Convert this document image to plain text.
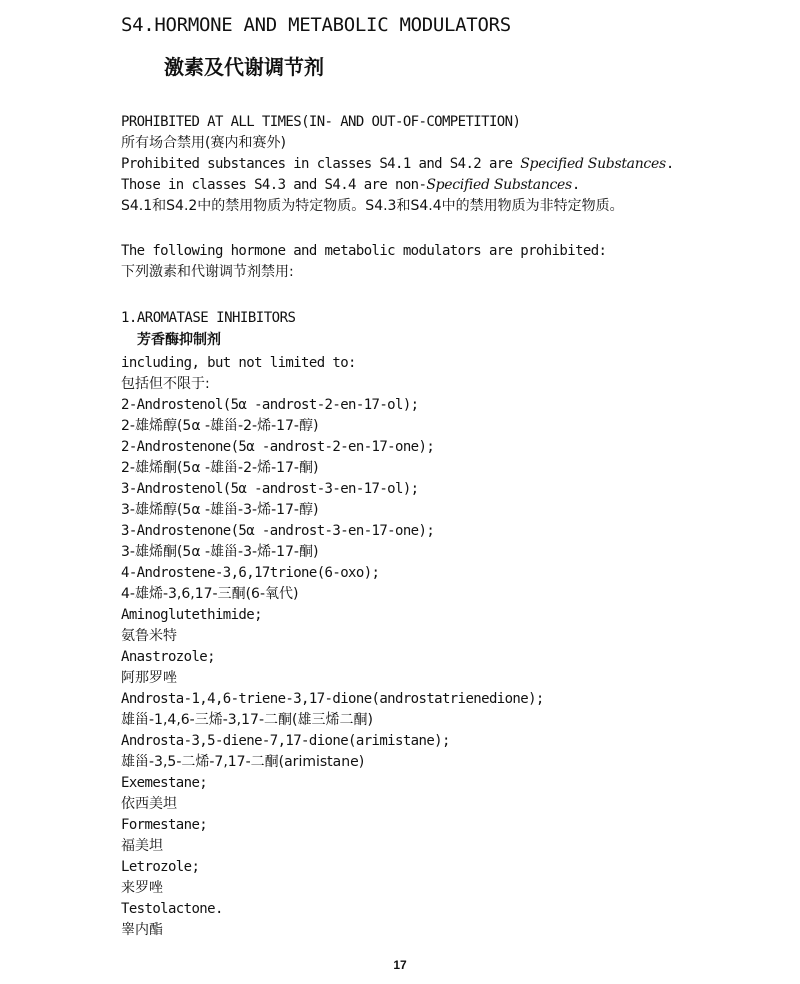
S4.HORMONE AND METABOLIC MODULATORS
激素及代谢调节剂
PROHIBITED AT ALL TIMES(IN- AND OUT-OF-COMPETITION)
所有场合禁用(赛内和赛外)
Prohibited substances in classes S4.1 and S4.2 are Specified Substances.
Those in classes S4.3 and S4.4 are non-Specified Substances.
S4.1和S4.2中的禁用物质为特定物质。S4.3和S4.4中的禁用物质为非特定物质。
The following hormone and metabolic modulators are prohibited:
下列激素和代谢调节剂禁用:
1.AROMATASE INHIBITORS
芳香酶抑制剂
including, but not limited to:
包括但不限于:
2-Androstenol(5α -androst-2-en-17-ol);
2-雄烯醇(5α -雄甾-2-烯-17-醇)
2-Androstenone(5α -androst-2-en-17-one);
2-雄烯酮(5α -雄甾-2-烯-17-酮)
3-Androstenol(5α -androst-3-en-17-ol);
3-雄烯醇(5α -雄甾-3-烯-17-醇)
3-Androstenone(5α -androst-3-en-17-one);
3-雄烯酮(5α -雄甾-3-烯-17-酮)
4-Androstene-3,6,17trione(6-oxo);
4-雄烯-3,6,17-三酮(6-氧代)
Aminoglutethimide;
氨鲁米特
Anastrozole;
阿那罗唑
Androsta-1,4,6-triene-3,17-dione(androstatrienedione);
雄甾-1,4,6-三烯-3,17-二酮(雄三烯二酮)
Androsta-3,5-diene-7,17-dione(arimistane);
雄甾-3,5-二烯-7,17-二酮(arimistane)
Exemestane;
依西美坦
Formestane;
福美坦
Letrozole;
来罗唑
Testolactone.
睾内酯
17
